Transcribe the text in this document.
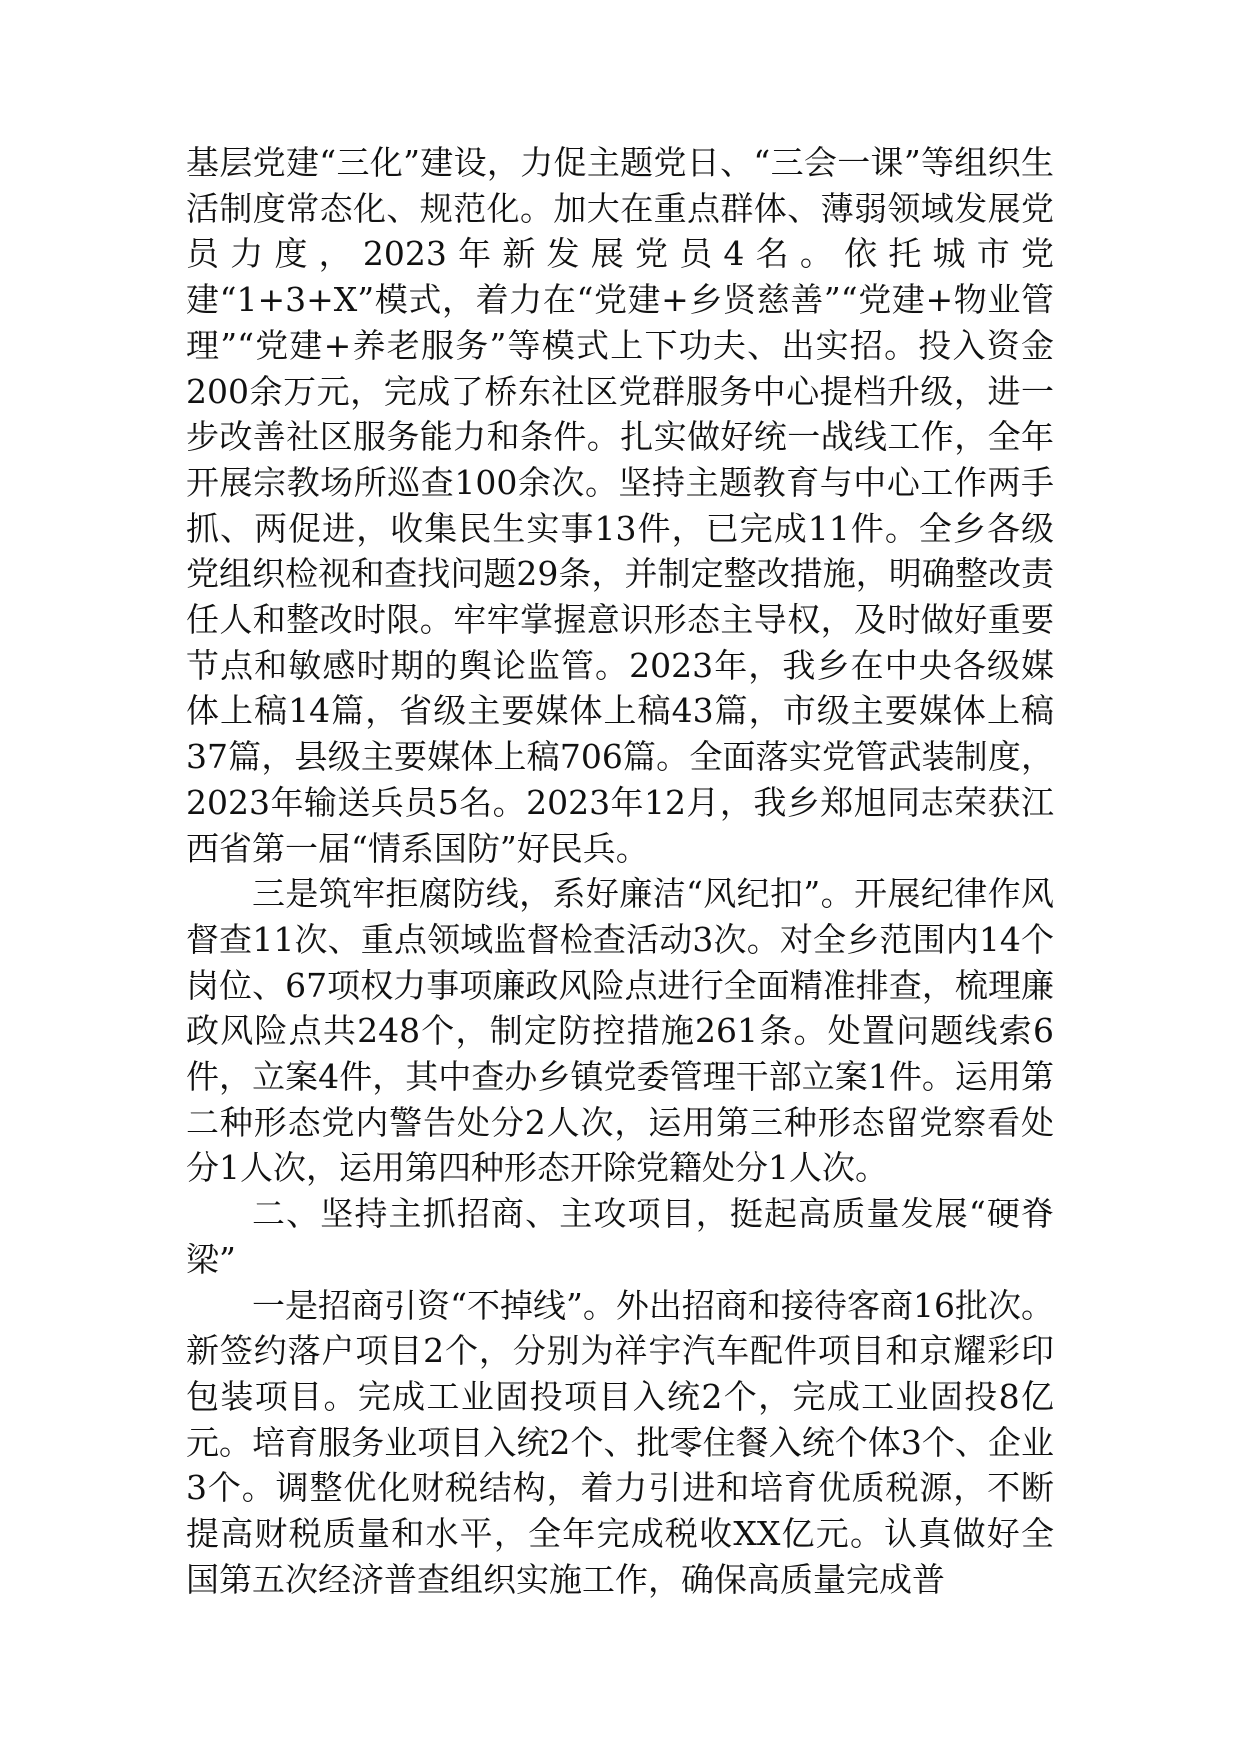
基层党建“三化”建设，力促主题党日、“三会一课”等组织生活制度常态化、规范化。加大在重点群体、薄弱领域发展党员力度，2023年新发展党员4名。依托城市党建“1+3+X”模式，着力在“党建+乡贤慈善”“党建+物业管理”“党建+养老服务”等模式上下功夫、出实招。投入资金200余万元，完成了桥东社区党群服务中心提档升级，进一步改善社区服务能力和条件。扎实做好统一战线工作，全年开展宗教场所巡查100余次。坚持主题教育与中心工作两手抓、两促进，收集民生实事13件，已完成11件。全乡各级党组织检视和查找问题29条，并制定整改措施，明确整改责任人和整改时限。牢牢掌握意识形态主导权，及时做好重要节点和敏感时期的舆论监管。2023年，我乡在中央各级媒体上稿14篇，省级主要媒体上稿43篇，市级主要媒体上稿37篇，县级主要媒体上稿706篇。全面落实党管武装制度，2023年输送兵员5名。2023年12月，我乡郑旭同志荣获江西省第一届“情系国防”好民兵。

三是筑牢拒腐防线，系好廉洁“风纪扣”。开展纪律作风督查11次、重点领域监督检查活动3次。对全乡范围内14个岗位、67项权力事项廉政风险点进行全面精准排查，梳理廉政风险点共248个，制定防控措施261条。处置问题线索6件，立案4件，其中查办乡镇党委管理干部立案1件。运用第二种形态党内警告处分2人次，运用第三种形态留党察看处分1人次，运用第四种形态开除党籍处分1人次。

二、坚持主抓招商、主攻项目，挺起高质量发展“硬脊梁”

一是招商引资“不掉线”。外出招商和接待客商16批次。新签约落户项目2个，分别为祥宇汽车配件项目和京耀彩印包装项目。完成工业固投项目入统2个，完成工业固投8亿元。培育服务业项目入统2个、批零住餐入统个体3个、企业3个。调整优化财税结构，着力引进和培育优质税源，不断提高财税质量和水平，全年完成税收XX亿元。认真做好全国第五次经济普查组织实施工作，确保高质量完成普
